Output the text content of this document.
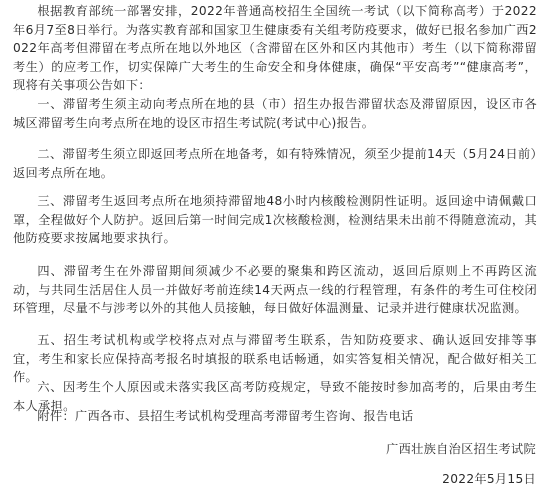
根据教育部统一部署安排，2022年普通高校招生全国统一考试（以下简称高考）于2022年6月7至8日举行。为落实教育部和国家卫生健康委有关组考防疫要求，做好已报名参加广西2022年高考但滞留在考点所在地以外地区（含滞留在区外和区内其他市）考生（以下简称滞留考生）的应考工作，切实保障广大考生的生命安全和身体健康，确保“平安高考”“健康高考”，现将有关事项公告如下：

一、滞留考生须主动向考点所在地的县（市）招生办报告滞留状态及滞留原因，设区市各城区滞留考生向考点所在地的设区市招生考试院(考试中心)报告。

二、滞留考生须立即返回考点所在地备考，如有特殊情况，须至少提前14天（5月24日前）返回考点所在地。

三、滞留考生返回考点所在地须持滞留地48小时内核酸检测阴性证明。返回途中请佩戴口罩，全程做好个人防护。返回后第一时间完成1次核酸检测，检测结果未出前不得随意流动，其他防疫要求按属地要求执行。

四、滞留考生在外滞留期间须减少不必要的聚集和跨区流动，返回后原则上不再跨区流动，与共同生活居住人员一并做好考前连续14天两点一线的行程管理，有条件的考生可住校闭环管理，尽量不与涉考以外的其他人员接触，每日做好体温测量、记录并进行健康状况监测。

五、招生考试机构或学校将点对点与滞留考生联系，告知防疫要求、确认返回安排等事宜，考生和家长应保持高考报名时填报的联系电话畅通，如实答复相关情况，配合做好相关工作。

六、因考生个人原因或未落实我区高考防疫规定，导致不能按时参加高考的，后果由考生本人承担。

附件：广西各市、县招生考试机构受理高考滞留考生咨询、报告电话

广西壮族自治区招生考试院
2022年5月15日
